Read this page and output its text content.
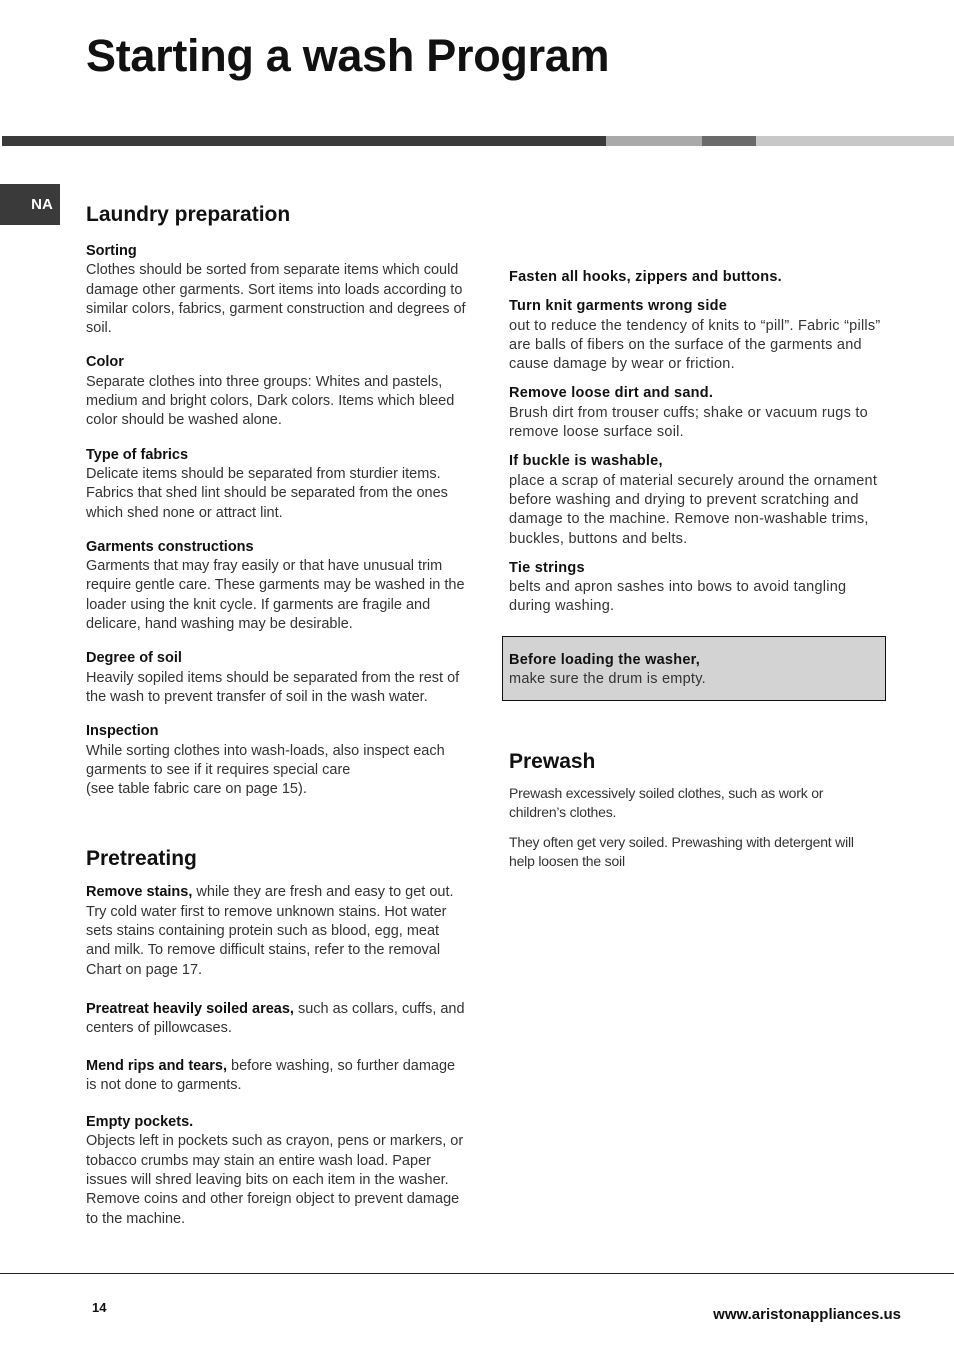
Starting a wash Program
NA Laundry preparation
Sorting
Clothes should be sorted from separate items which could damage other garments. Sort items into loads according to similar colors, fabrics, garment construction and degrees of soil.
Color
Separate clothes into three groups: Whites and pastels, medium and bright colors, Dark colors. Items which bleed color should be washed alone.
Type of fabrics
Delicate items should be separated from sturdier items. Fabrics that shed lint should be separated from the ones which shed none or attract lint.
Garments constructions
Garments that may fray easily or that have unusual trim require gentle care. These garments may be washed in the loader using the knit cycle. If garments are fragile and delicare, hand washing may be desirable.
Degree of soil
Heavily sopiled items should be separated from the rest of the wash to prevent transfer of soil in the wash water.
Inspection
While sorting clothes into wash-loads, also inspect each garments to see if it requires special care
(see table fabric care on page 15).
Pretreating
Remove stains, while they are fresh and easy to get out. Try cold water first to remove unknown stains. Hot water sets stains containing protein such as blood, egg, meat and milk. To remove difficult stains, refer to the removal Chart on page 17.
Preatreat heavily soiled areas, such as collars, cuffs, and centers of pillowcases.
Mend rips and tears, before washing, so further damage is not done to garments.
Empty pockets.
Objects left in pockets such as crayon, pens or markers, or tobacco crumbs may stain an entire wash load. Paper issues will shred leaving bits on each item in the washer. Remove coins and other foreign object to prevent damage to the machine.
Fasten all hooks, zippers and buttons.
Turn knit garments wrong side
out to reduce the tendency of knits to “pill”. Fabric “pills” are balls of fibers on the surface of the garments and cause damage by wear or friction.
Remove loose dirt and sand.
Brush dirt from trouser cuffs; shake or vacuum rugs to remove loose surface soil.
If buckle is washable,
place a scrap of material securely around the ornament before washing and drying to prevent scratching and damage to the machine. Remove non-washable trims, buckles, buttons and belts.
Tie strings
belts and apron sashes into bows to avoid tangling during washing.
Before loading the washer,
make sure the drum is empty.
Prewash

Prewash excessively soiled clothes, such as work or children’s clothes.

They often get very soiled. Prewashing with detergent will help loosen the soil

14	www.aristonappliances.us
